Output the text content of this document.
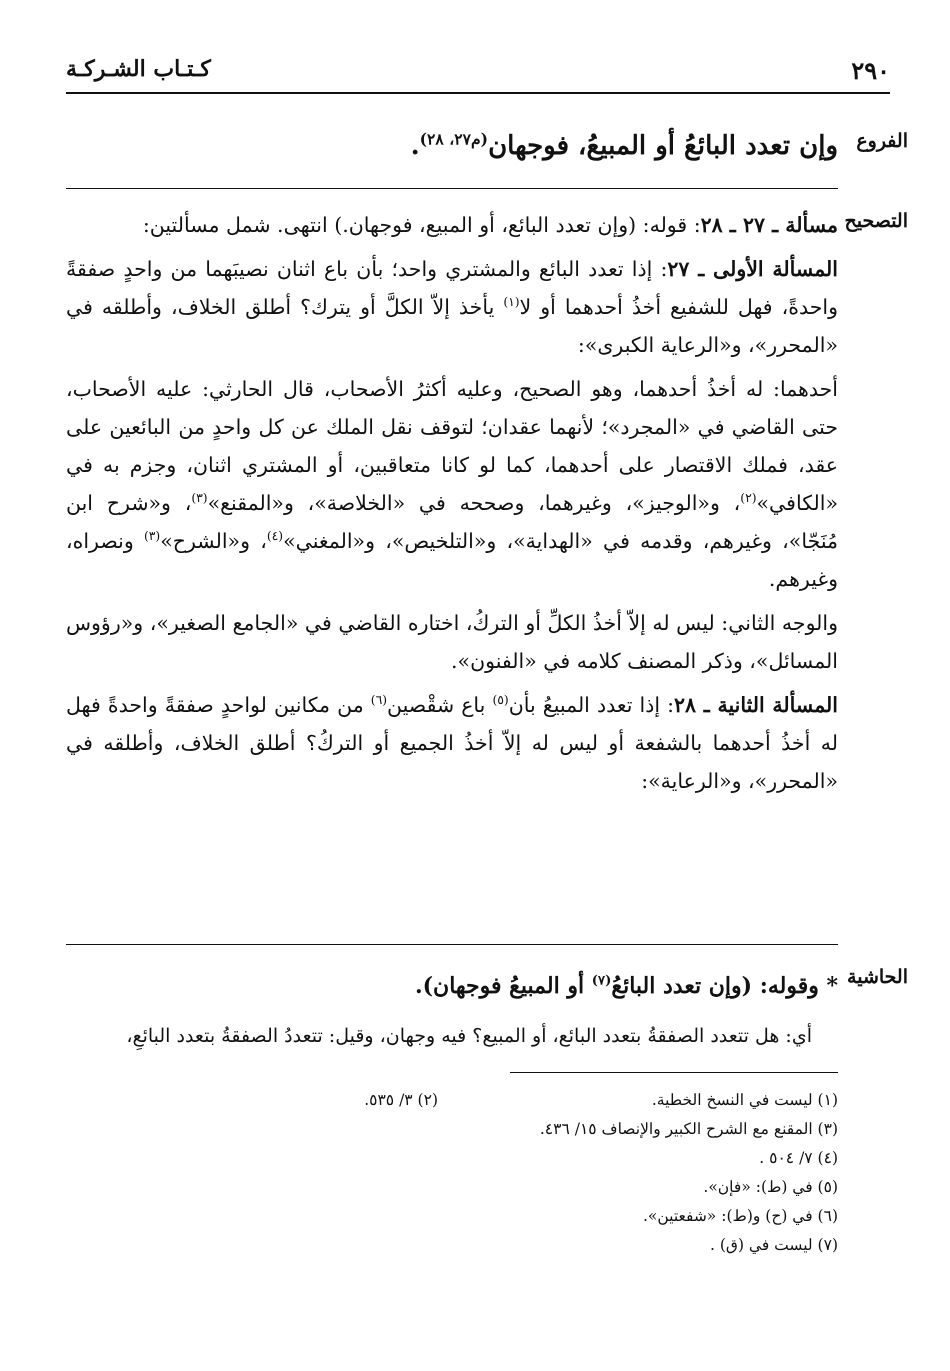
٢٩٠
كـتـاب الشـركـة
الفروع
وإن تعدد البائعُ أو المبيعُ، فوجهان$^{(م٢٧، ٢٨)}$.
التصحيح

مسألة ـ ٢٧ ـ ٢٨: قوله: (وإن تعدد البائع، أو المبيع، فوجهان.) انتهى. شمل مسألتين:

المسألة الأولى ـ ٢٧: إذا تعدد البائع والمشتري واحد؛ بأن باع اثنان نصيبَهما من واحدٍ صفقةً واحدةً، فهل للشفيع أخذُ أحدهما أو لا$^{(١)}$ يأخذ إلاّ الكلَّ أو يترك؟ أطلق الخلاف، وأطلقه في «المحرر»، و«الرعاية الكبرى»:

أحدهما: له أخذُ أحدهما، وهو الصحيح، وعليه أكثرُ الأصحاب، قال الحارثي: عليه الأصحاب، حتى القاضي في «المجرد»؛ لأنهما عقدان؛ لتوقف نقل الملك عن كل واحدٍ من البائعين على عقد، فملك الاقتصار على أحدهما، كما لو كانا متعاقبين، أو المشتري اثنان، وجزم به في «الكافي»$^{(٢)}$، و«الوجيز»، وغيرهما، وصححه في «الخلاصة»، و«المقنع»$^{(٣)}$، و«شرح ابن مُنَجّا»، وغيرهم، وقدمه في «الهداية»، و«التلخيص»، و«المغني»$^{(٤)}$، و«الشرح»$^{(٣)}$ ونصراه، وغيرهم.

والوجه الثاني: ليس له إلاّ أخذُ الكلِّ أو التركُ، اختاره القاضي في «الجامع الصغير»، و«رؤوس المسائل»، وذكر المصنف كلامه في «الفنون».

المسألة الثانية ـ ٢٨: إذا تعدد المبيعُ بأن$^{(٥)}$ باع شقْصين$^{(٦)}$ من مكانين لواحدٍ صفقةً واحدةً فهل له أخذُ أحدهما بالشفعة أو ليس له إلاّ أخذُ الجميع أو التركُ؟ أطلق الخلاف، وأطلقه في «المحرر»، و«الرعاية»:

الحاشية
* وقوله: (وإن تعدد البائعُ$^{(٧)}$ أو المبيعُ فوجهان).
أي: هل تتعدد الصفقةُ بتعدد البائع، أو المبيع؟ فيه وجهان، وقيل: تتعددُ الصفقةُ بتعدد البائعِ،
(١) ليست في النسخ الخطية.
(٢) ٣/ ٥٣٥.
(٣) المقنع مع الشرح الكبير والإنصاف ١٥/ ٤٣٦.
(٤) ٧/ ٥٠٤ .
(٥) في (ط): «فإن».
(٦) في (ح) و(ط): «شفعتين».
(٧) ليست في (ق) .
